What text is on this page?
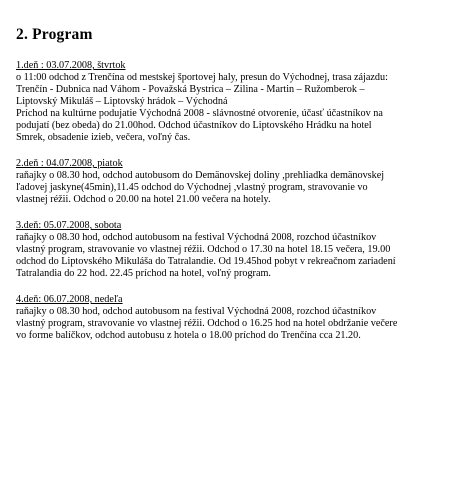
2. Program
1.deň : 03.07.2008, štvrtok
o 11:00 odchod z Trenčína od mestskej športovej haly, presun do Východnej, trasa zájazdu:
Trenčín - Dubnica nad Váhom - Považská Bystrica – Zilina - Martin – Ružomberok –
Liptovský Mikuláš – Liptovský hrádok – Východná
Príchod na kultúrne podujatie Východná 2008 - slávnostné otvorenie, účasť účastníkov na
podujatí (bez obeda) do 21.00hod. Odchod účastníkov do Liptovského Hrádku na hotel
Smrek, obsadenie izieb, večera, voľný čas.
2.deň : 04.07.2008, piatok
raňajky o 08.30 hod, odchod autobusom do Demänovskej doliny ,prehliadka demänovskej
ľadovej jaskyne(45min),11.45 odchod do Východnej ,vlastný program, stravovanie vo
vlastnej réžii. Odchod o 20.00 na hotel 21.00 večera na hotely.
3.deň: 05.07.2008, sobota
raňajky o 08.30 hod, odchod autobusom na festival Východná 2008, rozchod účastníkov
vlastný program, stravovanie vo vlastnej réžii. Odchod o 17.30 na hotel 18.15 večera, 19.00
odchod do Liptovského Mikuláša do Tatralandie. Od 19.45hod pobyt v rekreačnom zariadení
Tatralandia do 22 hod. 22.45 príchod na hotel, voľný program.
4.deň: 06.07.2008, nedeľa
raňajky o 08.30 hod, odchod autobusom na festival Východná 2008, rozchod účastníkov
vlastný program, stravovanie vo vlastnej réžii. Odchod o 16.25 hod na hotel obdržanie večere
vo forme balíčkov, odchod autobusu z hotela o 18.00 príchod do Trenčína cca 21.20.
